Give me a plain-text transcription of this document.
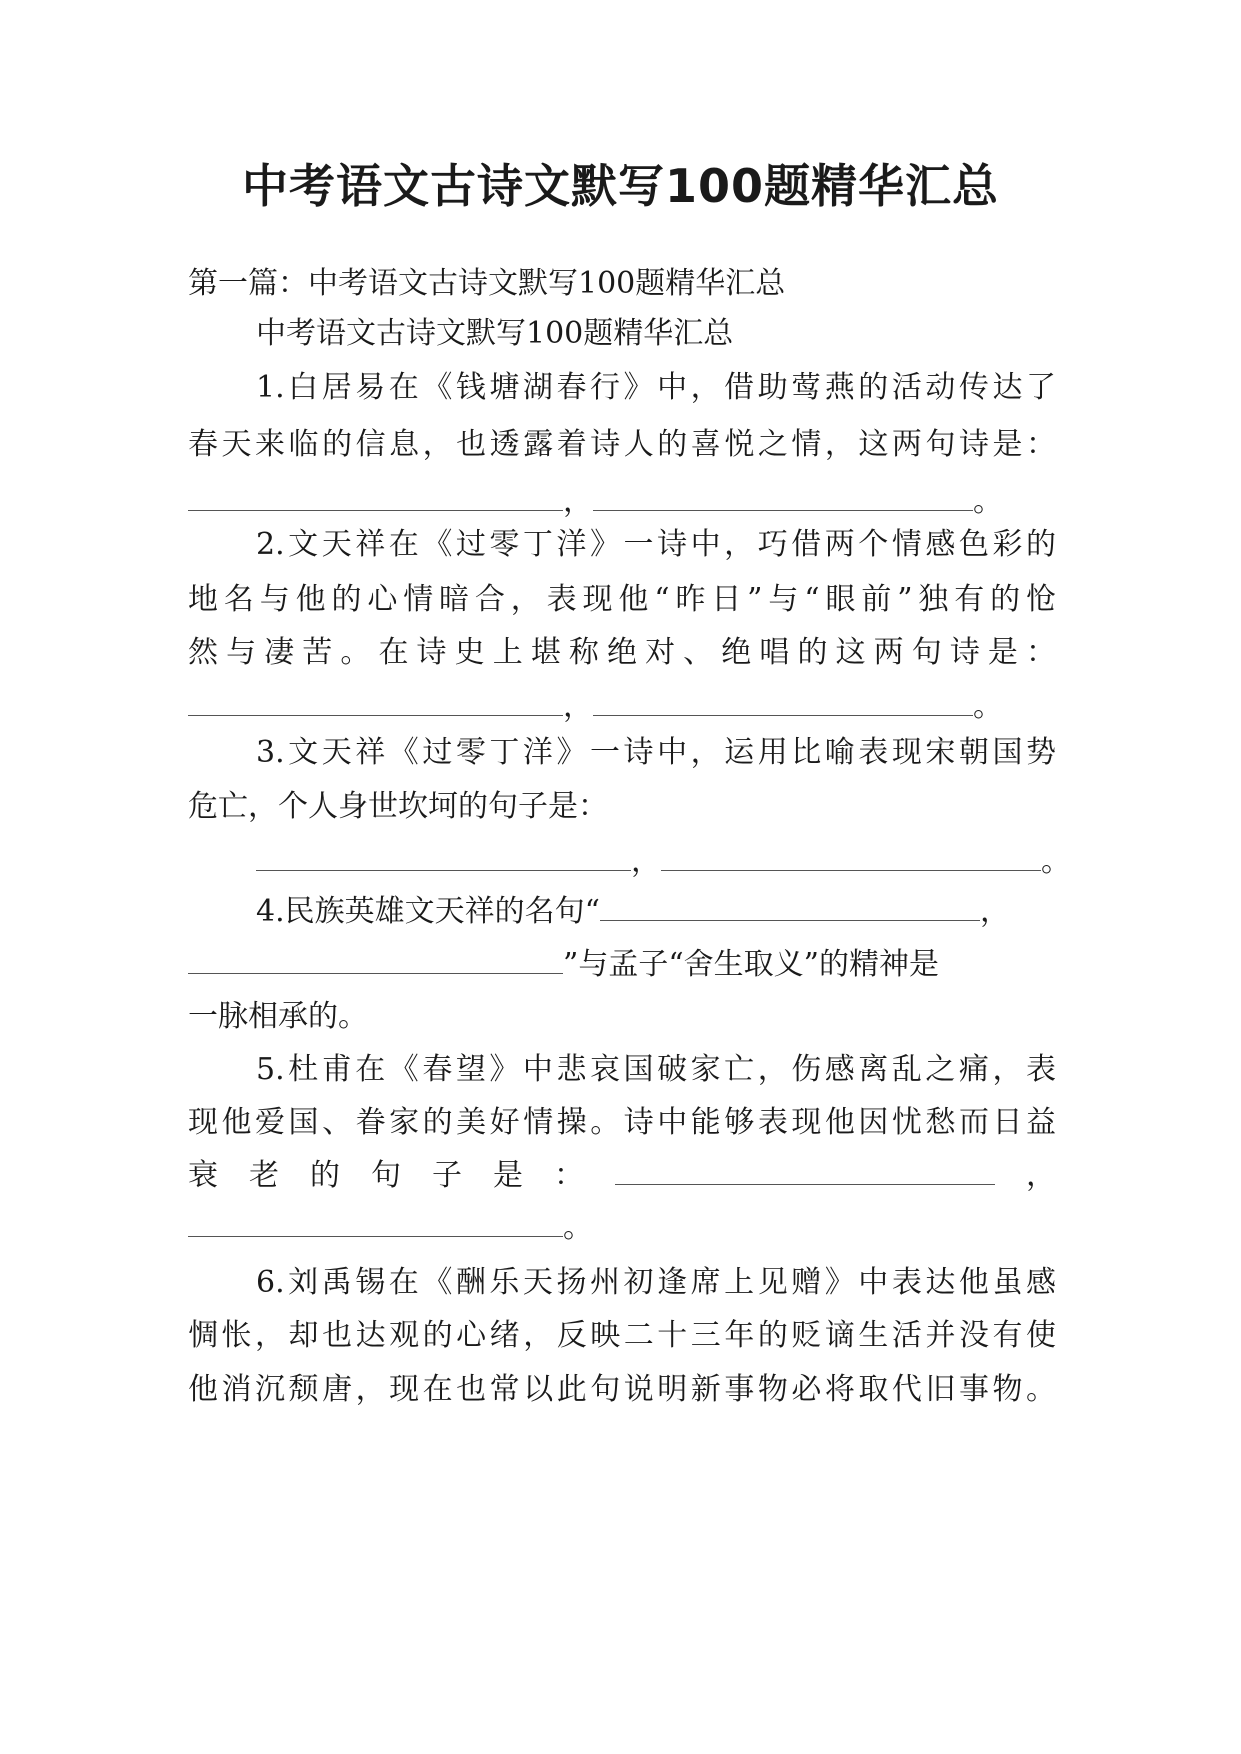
中考语文古诗文默写100题精华汇总
第一篇：中考语文古诗文默写100题精华汇总
中考语文古诗文默写100题精华汇总
1.白居易在《钱塘湖春行》中，借助莺燕的活动传达了
春天来临的信息，也透露着诗人的喜悦之情，这两句诗是：
，	。
2.文天祥在《过零丁洋》一诗中，巧借两个情感色彩的
地名与他的心情暗合，表现他“昨日”与“眼前”独有的怆
然与凄苦。在诗史上堪称绝对、绝唱的这两句诗是：
，	。
3.文天祥《过零丁洋》一诗中，运用比喻表现宋朝国势
危亡，个人身世坎坷的句子是：
，	。
4.民族英雄文天祥的名句“	，
”与孟子“舍生取义”的精神是
一脉相承的。
5.杜甫在《春望》中悲哀国破家亡，伤感离乱之痛，表
现他爱国、眷家的美好情操。诗中能够表现他因忧愁而日益
衰 老 的 句 子 是 ：	，
。
6.刘禹锡在《酬乐天扬州初逢席上见赠》中表达他虽感
惆怅，却也达观的心绪，反映二十三年的贬谪生活并没有使
他消沉颓唐，现在也常以此句说明新事物必将取代旧事物。
